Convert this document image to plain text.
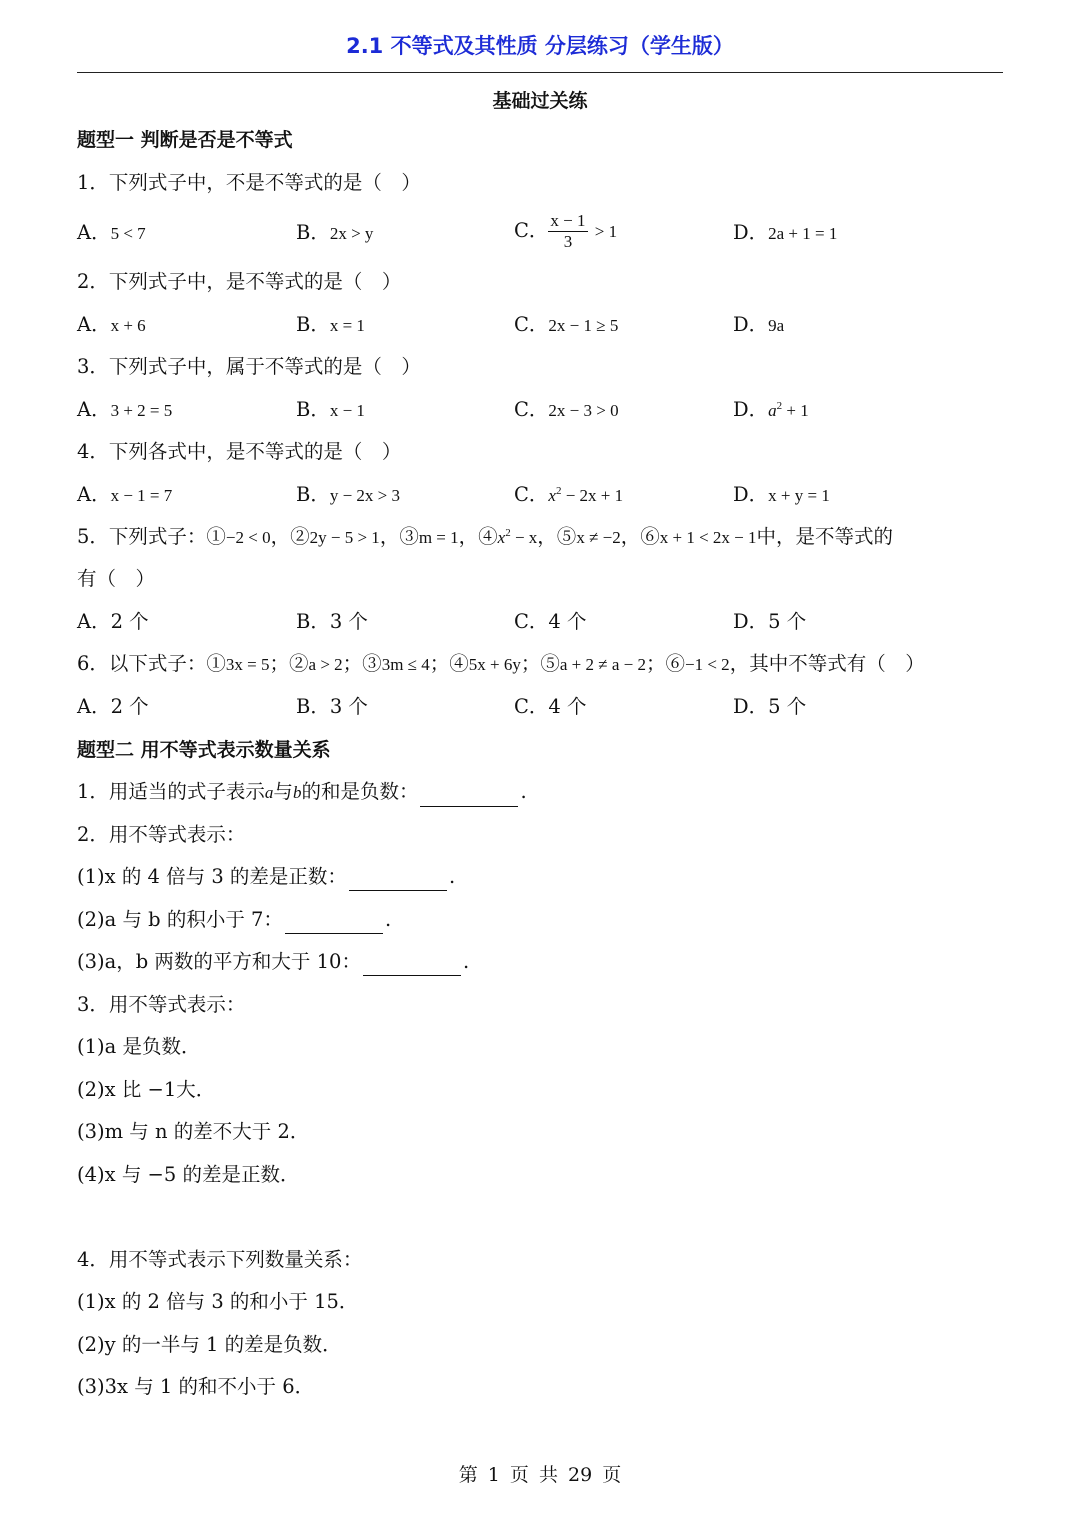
2.1 不等式及其性质 分层练习（学生版）
基础过关练
题型一 判断是否是不等式
1．下列式子中，不是不等式的是（　）
A．5 < 7	B．2x > y	C． $\frac{x - 1}{3} > 1$	D．2a + 1 = 1
2．下列式子中，是不等式的是（　）
A．x + 6	B．x = 1	C．2x − 1 ≥ 5	D．9a
3．下列式子中，属于不等式的是（　）
A．3 + 2 = 5	B．x − 1	C．2x − 3 > 0	D．$a^2 + 1$
4．下列各式中，是不等式的是（　）
A．x − 1 = 7	B．y − 2x > 3	C．$x^2 - 2x + 1$	D．x + y = 1
5．下列式子：①−2 < 0，②2y − 5 > 1，③m = 1，$④x^2 - x$，⑤x ≠ −2，⑥x + 1 < 2x − 1中，是不等式的
有（　）
A．2 个	B．3 个	C．4 个	D．5 个
6．以下式子：①3x = 5；②a > 2；③3m ≤ 4；④5x + 6y；⑤a + 2 ≠ a − 2；⑥−1 < 2，其中不等式有（　）
A．2 个	B．3 个	C．4 个	D．5 个
题型二 用不等式表示数量关系
1．用适当的式子表示a与b的和是负数：	.
2．用不等式表示：
(1)x 的 4 倍与 3 的差是正数：	.
(2)a 与 b 的积小于 7：	.
(3)a，b 两数的平方和大于 10：	.
3．用不等式表示：
(1)a 是负数．
(2)x 比 −1大．
(3)m 与 n 的差不大于 2．
(4)x 与 −5 的差是正数．
4．用不等式表示下列数量关系：
(1)x 的 2 倍与 3 的和小于 15．
(2)y 的一半与 1 的差是负数．
(3)3x 与 1 的和不小于 6．
第 1 页 共 29 页
